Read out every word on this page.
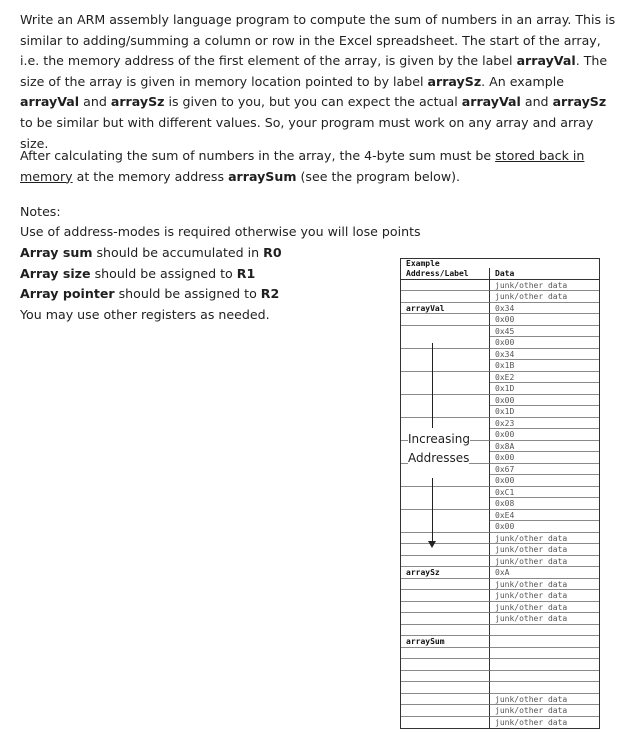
Write an ARM assembly language program to compute the sum of numbers in an array. This is similar to adding/summing a column or row in the Excel spreadsheet. The start of the array, i.e. the memory address of the first element of the array, is given by the label arrayVal. The size of the array is given in memory location pointed to by label arraySz. An example arrayVal and arraySz is given to you, but you can expect the actual arrayVal and arraySz to be similar but with different values. So, your program must work on any array and array size.

After calculating the sum of numbers in the array, the 4-byte sum must be stored back in memory at the memory address arraySum (see the program below).

Notes:
Use of address-modes is required otherwise you will lose points
Array sum should be accumulated in R0
Array size should be assigned to R1
Array pointer should be assigned to R2
You may use other registers as needed.
Example
Address/Label	Data
junk/other data
junk/other data
arrayVal	0x34
0x00
0x45
0x00
0x34
0x1B
0xE2
0x1D
0x00
0x1D
0x23
0x00
0x8A
0x00
0x67
0x00
0xC1
0x08
0xE4
0x00
junk/other data
junk/other data
junk/other data
arraySz	0xA
junk/other data
junk/other data
junk/other data
junk/other data
arraySum
junk/other data
junk/other data
junk/other data
Increasing
Addresses
